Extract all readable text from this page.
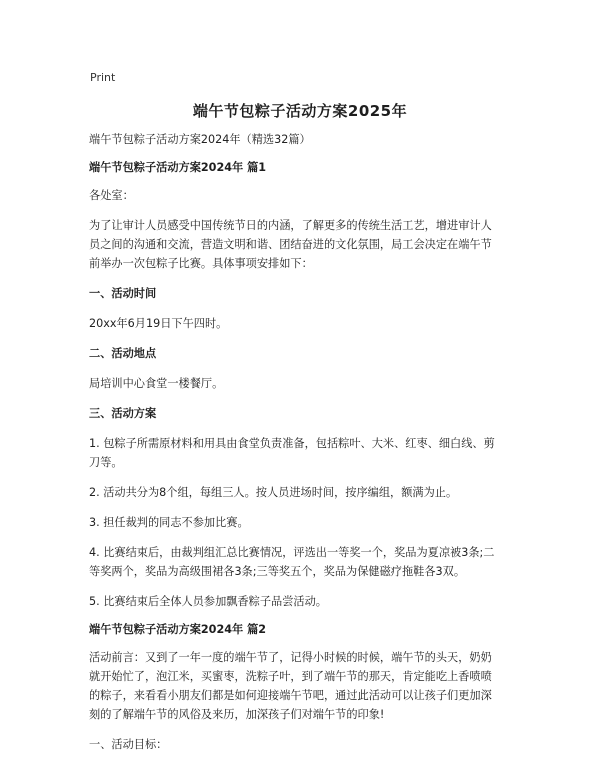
Print
端午节包粽子活动方案2025年

端午节包粽子活动方案2024年（精选32篇）

端午节包粽子活动方案2024年 篇1

各处室：

为了让审计人员感受中国传统节日的内涵，了解更多的传统生活工艺，增进审计人

员之间的沟通和交流，营造文明和谐、团结奋进的文化氛围，局工会决定在端午节

前举办一次包粽子比赛。具体事项安排如下：

一、活动时间

20xx年6月19日下午四时。

二、活动地点

局培训中心食堂一楼餐厅。

三、活动方案

1. 包粽子所需原材料和用具由食堂负责准备，包括粽叶、大米、红枣、细白线、剪

刀等。

2. 活动共分为8个组，每组三人。按人员进场时间，按序编组，额满为止。

3. 担任裁判的同志不参加比赛。

4. 比赛结束后，由裁判组汇总比赛情况，评选出一等奖一个，奖品为夏凉被3条;二

等奖两个，奖品为高级围裙各3条;三等奖五个，奖品为保健磁疗拖鞋各3双。

5. 比赛结束后全体人员参加飘香粽子品尝活动。

端午节包粽子活动方案2024年 篇2

活动前言：又到了一年一度的端午节了，记得小时候的时候，端午节的头天，奶奶

就开始忙了，泡江米，买蜜枣，洗粽子叶，到了端午节的那天，肯定能吃上香喷喷

的粽子，来看看小朋友们都是如何迎接端午节吧，通过此活动可以让孩子们更加深

刻的了解端午节的风俗及来历，加深孩子们对端午节的印象!

一、活动目标：
